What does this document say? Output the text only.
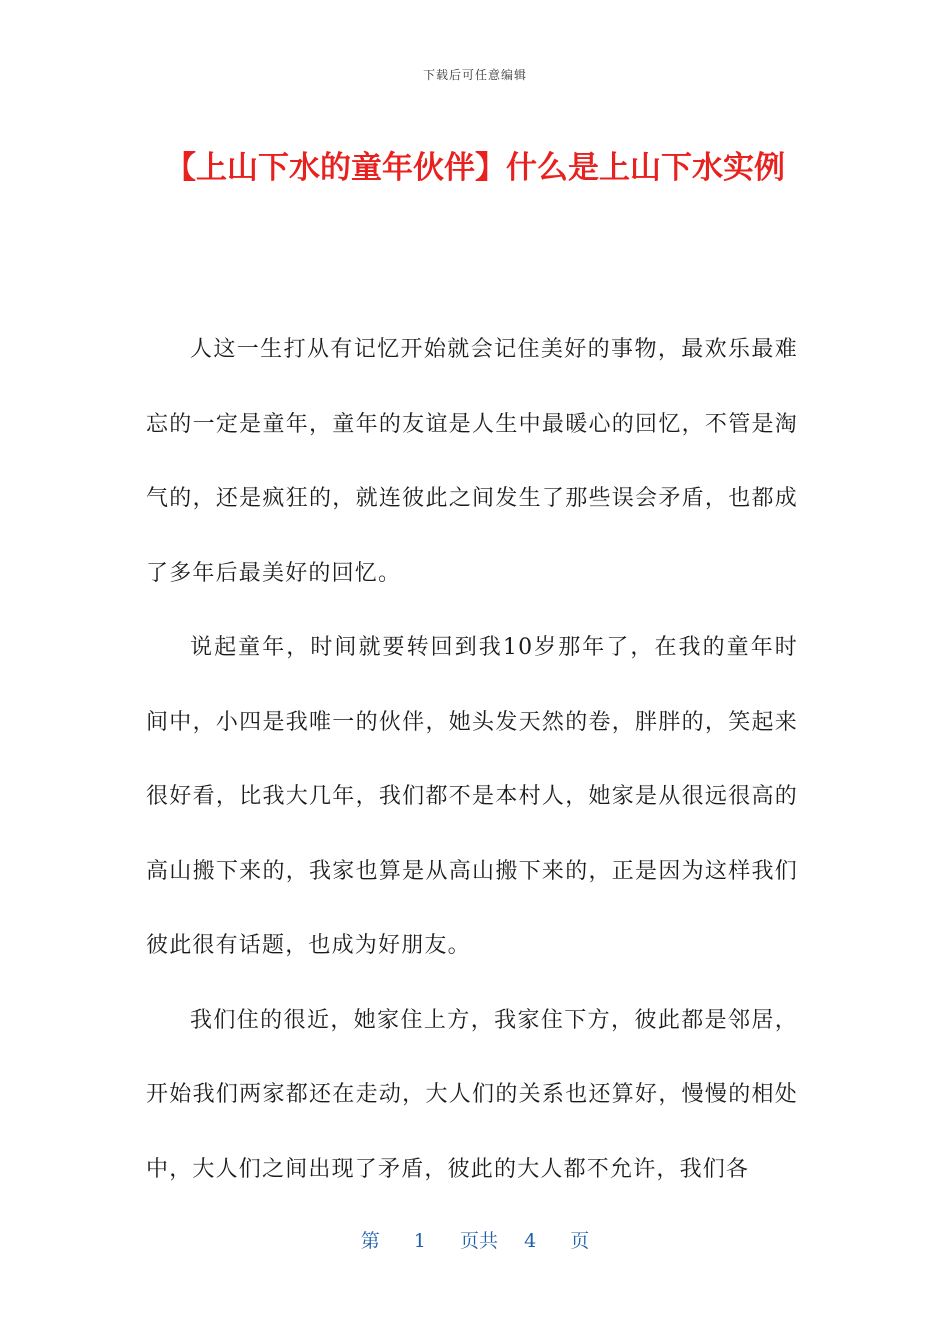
下载后可任意编辑
【上山下水的童年伙伴】什么是上山下水实例

人这一生打从有记忆开始就会记住美好的事物，最欢乐最难忘的一定是童年，童年的友谊是人生中最暖心的回忆，不管是淘气的，还是疯狂的，就连彼此之间发生了那些误会矛盾，也都成了多年后最美好的回忆。

说起童年，时间就要转回到我10岁那年了，在我的童年时间中，小四是我唯一的伙伴，她头发天然的卷，胖胖的，笑起来很好看，比我大几年，我们都不是本村人，她家是从很远很高的高山搬下来的，我家也算是从高山搬下来的，正是因为这样我们彼此很有话题，也成为好朋友。

我们住的很近，她家住上方，我家住下方，彼此都是邻居，开始我们两家都还在走动，大人们的关系也还算好，慢慢的相处中，大人们之间出现了矛盾，彼此的大人都不允许，我们各

第 1 页共 4 页
